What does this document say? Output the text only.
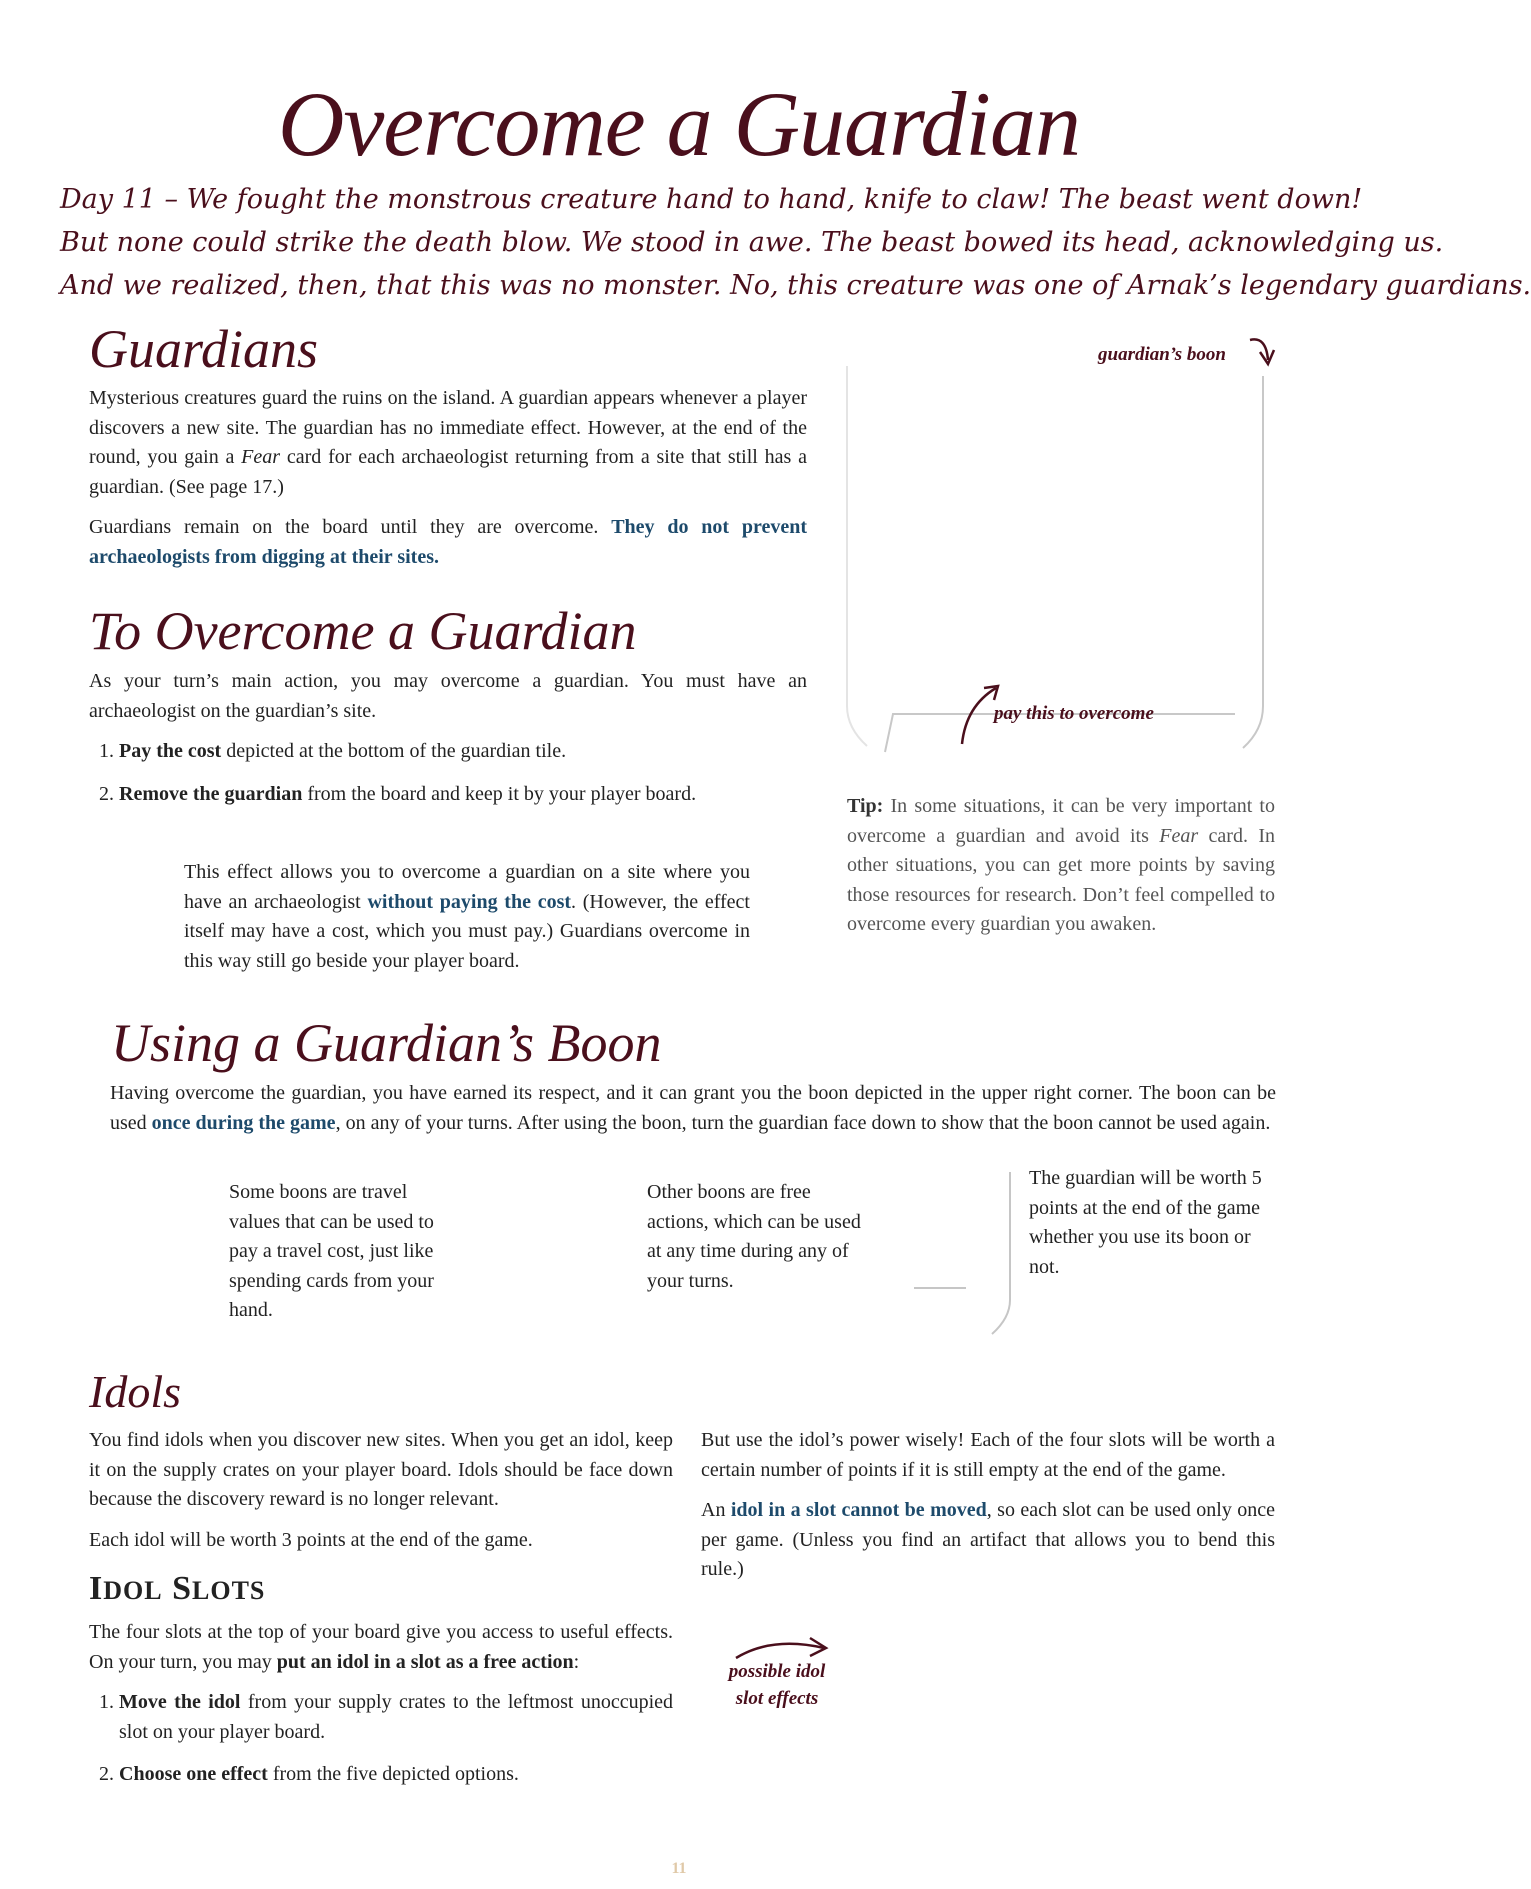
Overcome a Guardian
Day 11 – We fought the monstrous creature hand to hand, knife to claw! The beast went down!
But none could strike the death blow. We stood in awe. The beast bowed its head, acknowledging us.
And we realized, then, that this was no monster. No, this creature was one of Arnak’s legendary guardians.
Guardians

Mysterious creatures guard the ruins on the island. A guardian appears whenever a player discovers a new site. The guardian has no immediate effect. However, at the end of the round, you gain a Fear card for each archaeologist returning from a site that still has a guardian. (See page 17.)

Guardians remain on the board until they are overcome. They do not prevent archaeologists from digging at their sites.

guardian’s boon
pay this to overcome
To Overcome a Guardian

As your turn’s main action, you may overcome a guardian. You must have an archaeologist on the guardian’s site.

1. Pay the cost depicted at the bottom of the guardian tile.
2. Remove the guardian from the board and keep it by your player board.

This effect allows you to overcome a guardian on a site where you have an archaeologist without paying the cost. (However, the effect itself may have a cost, which you must pay.) Guardians overcome in this way still go beside your player board.

Tip: In some situations, it can be very important to overcome a guardian and avoid its Fear card. In other situations, you can get more points by saving those resources for research. Don’t feel compelled to overcome every guardian you awaken.

Using a Guardian’s Boon

Having overcome the guardian, you have earned its respect, and it can grant you the boon depicted in the upper right corner. The boon can be used once during the game, on any of your turns. After using the boon, turn the guardian face down to show that the boon cannot be used again.

Some boons are travel values that can be used to pay a travel cost, just like spending cards from your hand.
Other boons are free actions, which can be used at any time during any of your turns.
The guardian will be worth 5 points at the end of the game whether you use its boon or not.
Idols

You find idols when you discover new sites. When you get an idol, keep it on the supply crates on your player board. Idols should be face down because the discovery reward is no longer relevant.

Each idol will be worth 3 points at the end of the game.

IDOL SLOTS

The four slots at the top of your board give you access to useful effects. On your turn, you may put an idol in a slot as a free action:

1. Move the idol from your supply crates to the leftmost unoccupied slot on your player board.
2. Choose one effect from the five depicted options.

But use the idol’s power wisely! Each of the four slots will be worth a certain number of points if it is still empty at the end of the game.

An idol in a slot cannot be moved, so each slot can be used only once per game. (Unless you find an artifact that allows you to bend this rule.)

possible idol
slot effects
11
